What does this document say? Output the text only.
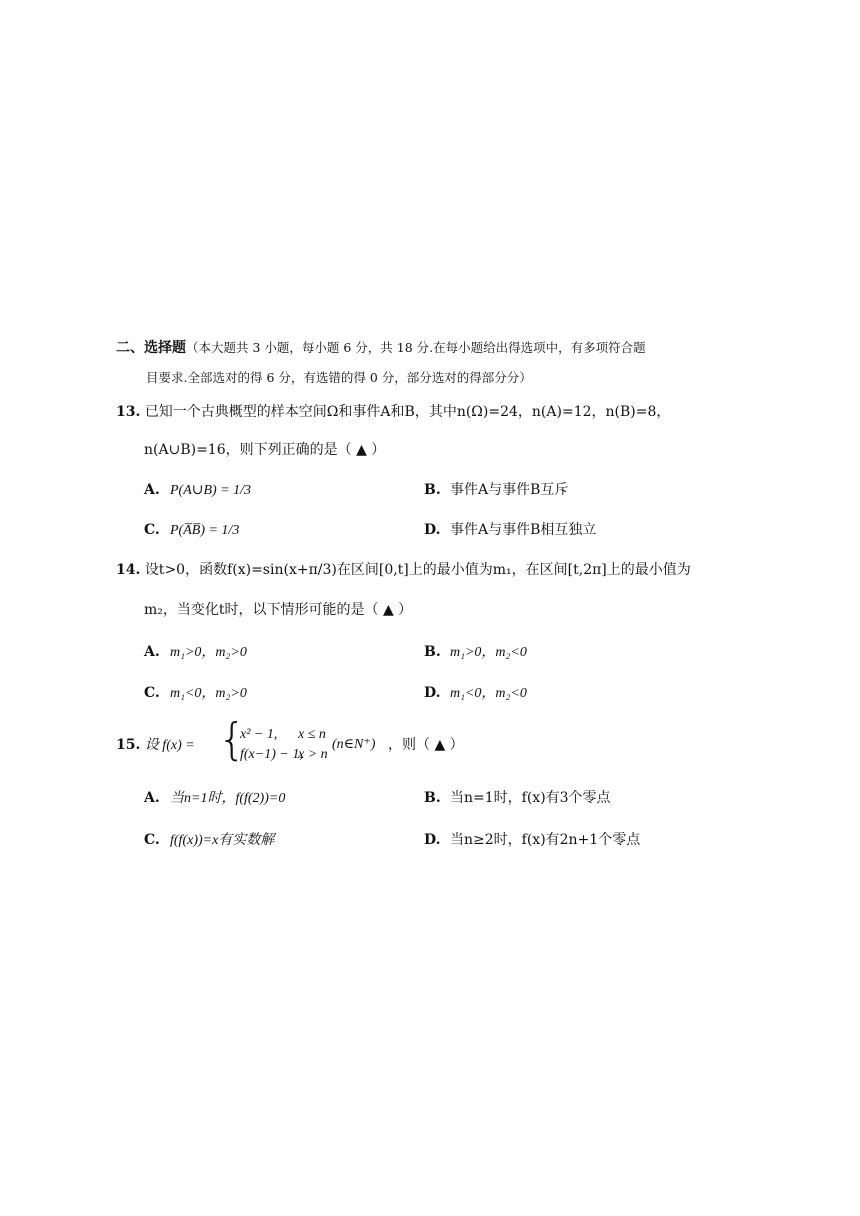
二、选择题（本大题共 3 小题，每小题 6 分，共 18 分.在每小题给出得选项中，有多项符合题
目要求.全部选对的得 6 分，有选错的得 0 分，部分选对的得部分分）
13. 已知一个古典概型的样本空间Ω和事件A和B，其中n(Ω)=24，n(A)=12，n(B)=8，
n(A∪B)=16，则下列正确的是（ ▲ ）
A. P(A∪B) = 1/3	B. 事件A与事件B互斥
C. P(A̅B̅) = 1/3	D. 事件A与事件B相互独立
14. 设t>0，函数f(x)=sin(x+π/3)在区间[0,t]上的最小值为m₁，在区间[t,2π]上的最小值为
m₂，当变化t时，以下情形可能的是（ ▲ ）
A. m₁>0，m₂>0	B. m₁>0，m₂<0
C. m₁<0，m₂>0	D. m₁<0，m₂<0
15. 设 f(x) = {
x² − 1, x ≤ n
f(x−1) − 1,
x > n
(n∈N⁺) ，则（ ▲ ）
A. 当n=1时，f(f(2))=0	B. 当n=1时，f(x)有3个零点
C. f(f(x))=x有实数解	D. 当n≥2时，f(x)有2n+1个零点
